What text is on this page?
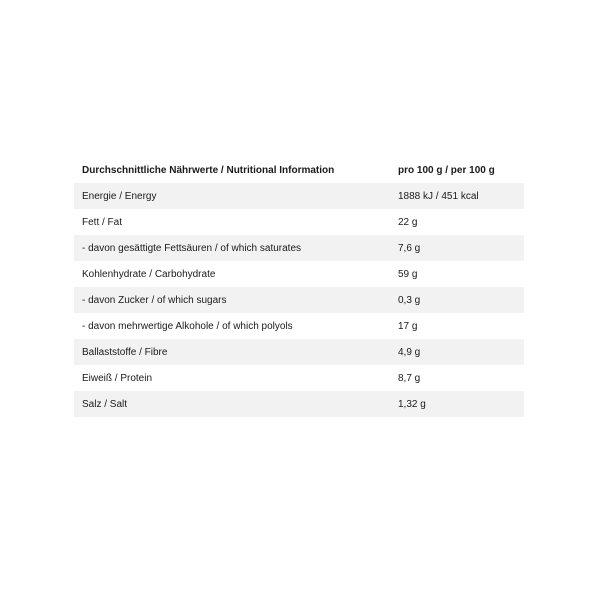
Durchschnittliche Nährwerte / Nutritional Information	pro 100 g / per 100 g
Energie / Energy	1888 kJ / 451 kcal
Fett / Fat	22 g
- davon gesättigte Fettsäuren / of which saturates	7,6 g
Kohlenhydrate / Carbohydrate	59 g
- davon Zucker / of which sugars	0,3 g
- davon mehrwertige Alkohole / of which polyols	17 g
Ballaststoffe / Fibre	4,9 g
Eiweiß / Protein	8,7 g
Salz / Salt	1,32 g
